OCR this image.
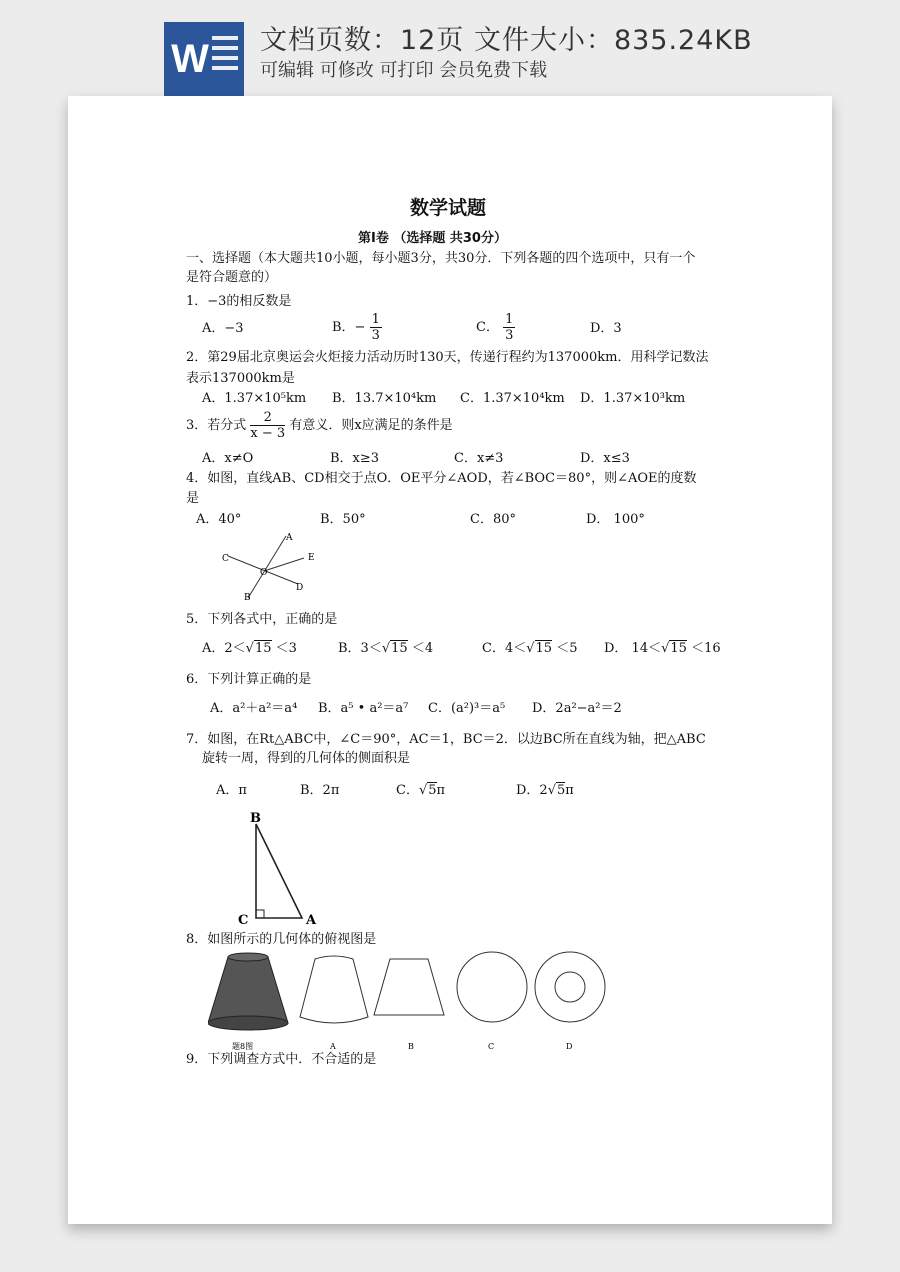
W 文档页数：12页 文件大小：835.24KB
可编辑 可修改 可打印 会员免费下载
数学试题
第Ⅰ卷 （选择题 共30分）
一、选择题（本大题共10小题，每小题3分，共30分．下列各题的四个选项中，只有一个
是符合题意的）
1．−3的相反数是
A．−3	B．− $\frac{1}{3}$	C． $\frac{1}{3}$	D．3
2．第29届北京奥运会火炬接力活动历时130天，传递行程约为137000km．用科学记数法
表示137000km是
A．1.37×10⁵km B．13.7×10⁴km C．1.37×10⁴km D．1.37×10³km
3．若分式 $\frac{2}{x - 3}$ 有意义．则x应满足的条件是
A．x≠O	B．x≥3	C．x≠3	D．x≤3
4．如图，直线AB、CD相交于点O．OE平分∠AOD，若∠BOC＝80°，则∠AOE的度数
是
A．40°	B．50°	C．80°	D． 100°
A
C
O
E
B
D
5．下列各式中，正确的是
A．2＜√15 ＜3	B．3＜√15 ＜4	C．4＜√15 ＜5 D． 14＜√15 ＜16
6．下列计算正确的是
A．a²＋a²＝a⁴ B．a⁵ • a²＝a⁷ C．(a²)³＝a⁵ D．2a²−a²＝2
7．如图，在Rt△ABC中，∠C＝90°，AC＝1，BC＝2．以边BC所在直线为轴，把△ABC
旋转一周，得到的几何体的侧面积是
A．π	B．2π	C．√5π	D．2√5π
B
C	A
8．如图所示的几何体的俯视图是
题8图	A	B	C	D
9．下列调查方式中．不合适的是
